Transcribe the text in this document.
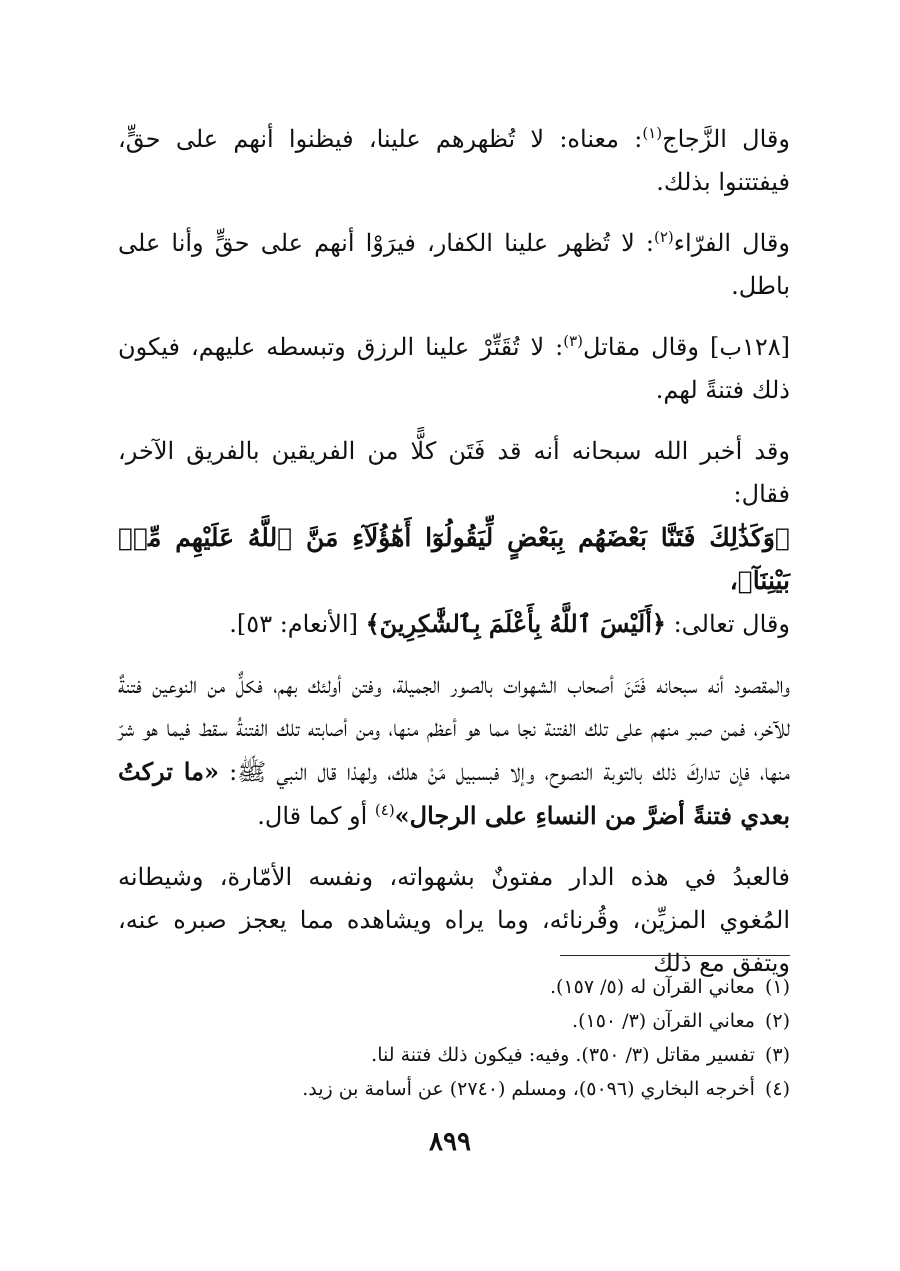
وقال الزَّجاج$^{(١)}$: معناه: لا تُظهرهم علينا، فيظنوا أنهم على حقٍّ، فيفتتنوا بذلك.

وقال الفرّاء$^{(٢)}$: لا تُظهر علينا الكفار، فيرَوْا أنهم على حقٍّ وأنا على باطل.

[١٢٨ب] وقال مقاتل$^{(٣)}$: لا تُقَتِّرْ علينا الرزق وتبسطه عليهم، فيكون ذلك فتنةً لهم.

وقد أخبر الله سبحانه أنه قد فَتَن كلًّا من الفريقين بالفريق الآخر، فقال:
﴿وَكَذَٰلِكَ فَتَنَّا بَعْضَهُم بِبَعْضٍ لِّيَقُولُوٓا أَهَٰٓؤُلَآءِ مَنَّ ٱللَّهُ عَلَيْهِم مِّنۢ بَيْنِنَآ﴾،
وقال تعالى: ﴿أَلَيْسَ ٱللَّهُ بِأَعْلَمَ بِٱلشَّٰكِرِينَ﴾ [الأنعام: ٥٣].

والمقصود أنه سبحانه فَتَنَ أصحاب الشهوات بالصور الجميلة، وفتن أولئك بهم، فكلٌّ من النوعين فتنةٌ للآخر، فمن صبر منهم على تلك الفتنة نجا مما هو أعظم منها، ومن أصابته تلك الفتنةُ سقط فيما هو شرّ منها، فإن تداركَ ذلك بالتوبة النصوح، وإلا فبسبيل مَنْ هلك، ولهذا قال النبي ﷺ: «ما تركتُ بعدي فتنةً أضرَّ من النساءِ على الرجال»$^{(٤)}$ أو كما قال.

فالعبدُ في هذه الدار مفتونٌ بشهواته، ونفسه الأمّارة، وشيطانه المُغوي المزيِّن، وقُرنائه، وما يراه ويشاهده مما يعجز صبره عنه، ويتفق مع ذلك

(١)معاني القرآن له (٥/ ١٥٧).

(٢)معاني القرآن (٣/ ١٥٠).

(٣)تفسير مقاتل (٣/ ٣٥٠). وفيه: فيكون ذلك فتنة لنا.

(٤)أخرجه البخاري (٥٠٩٦)، ومسلم (٢٧٤٠) عن أسامة بن زيد.

٨٩٩
